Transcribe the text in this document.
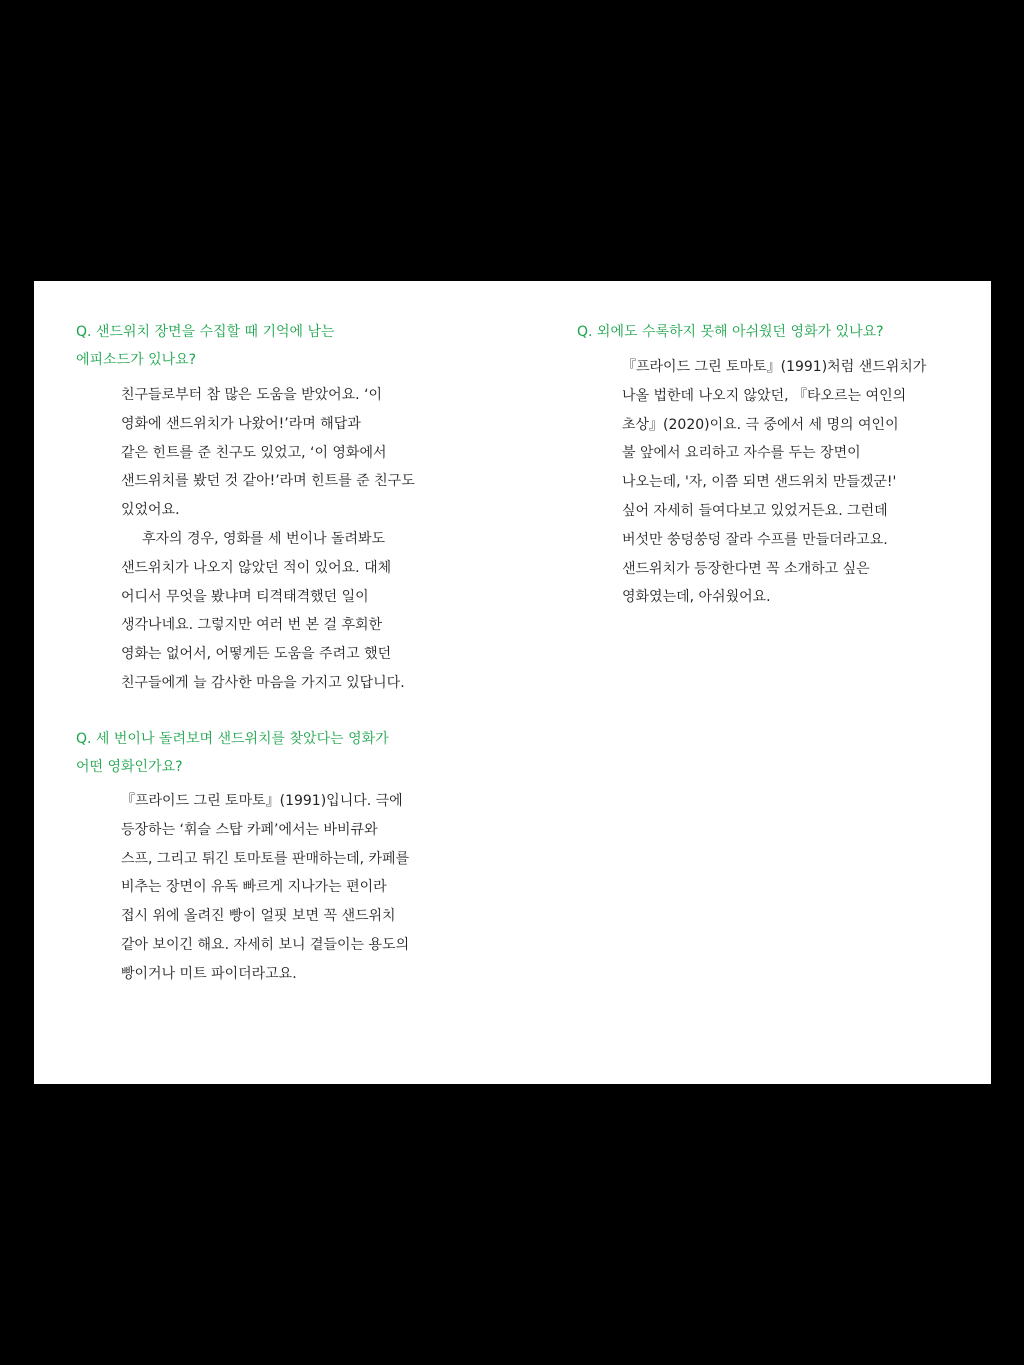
Q. 샌드위치 장면을 수집할 때 기억에 남는
에피소드가 있나요?

친구들로부터 참 많은 도움을 받았어요. ‘이
영화에 샌드위치가 나왔어!’라며 해답과
같은 힌트를 준 친구도 있었고, ‘이 영화에서
샌드위치를 봤던 것 같아!’라며 힌트를 준 친구도
있었어요.
후자의 경우, 영화를 세 번이나 돌려봐도
샌드위치가 나오지 않았던 적이 있어요. 대체
어디서 무엇을 봤냐며 티격태격했던 일이
생각나네요. 그렇지만 여러 번 본 걸 후회한
영화는 없어서, 어떻게든 도움을 주려고 했던
친구들에게 늘 감사한 마음을 가지고 있답니다.

Q. 세 번이나 돌려보며 샌드위치를 찾았다는 영화가
어떤 영화인가요?

『프라이드 그린 토마토』(1991)입니다. 극에
등장하는 ‘휘슬 스탑 카페’에서는 바비큐와
스프, 그리고 튀긴 토마토를 판매하는데, 카페를
비추는 장면이 유독 빠르게 지나가는 편이라
접시 위에 올려진 빵이 얼핏 보면 꼭 샌드위치
같아 보이긴 해요. 자세히 보니 곁들이는 용도의
빵이거나 미트 파이더라고요.

Q. 외에도 수록하지 못해 아쉬웠던 영화가 있나요?

『프라이드 그린 토마토』(1991)처럼 샌드위치가
나올 법한데 나오지 않았던, 『타오르는 여인의
초상』(2020)이요. 극 중에서 세 명의 여인이
불 앞에서 요리하고 자수를 두는 장면이
나오는데, '자, 이쯤 되면 샌드위치 만들겠군!'
싶어 자세히 들여다보고 있었거든요. 그런데
버섯만 쑹덩쑹덩 잘라 수프를 만들더라고요.
샌드위치가 등장한다면 꼭 소개하고 싶은
영화였는데, 아쉬웠어요.
